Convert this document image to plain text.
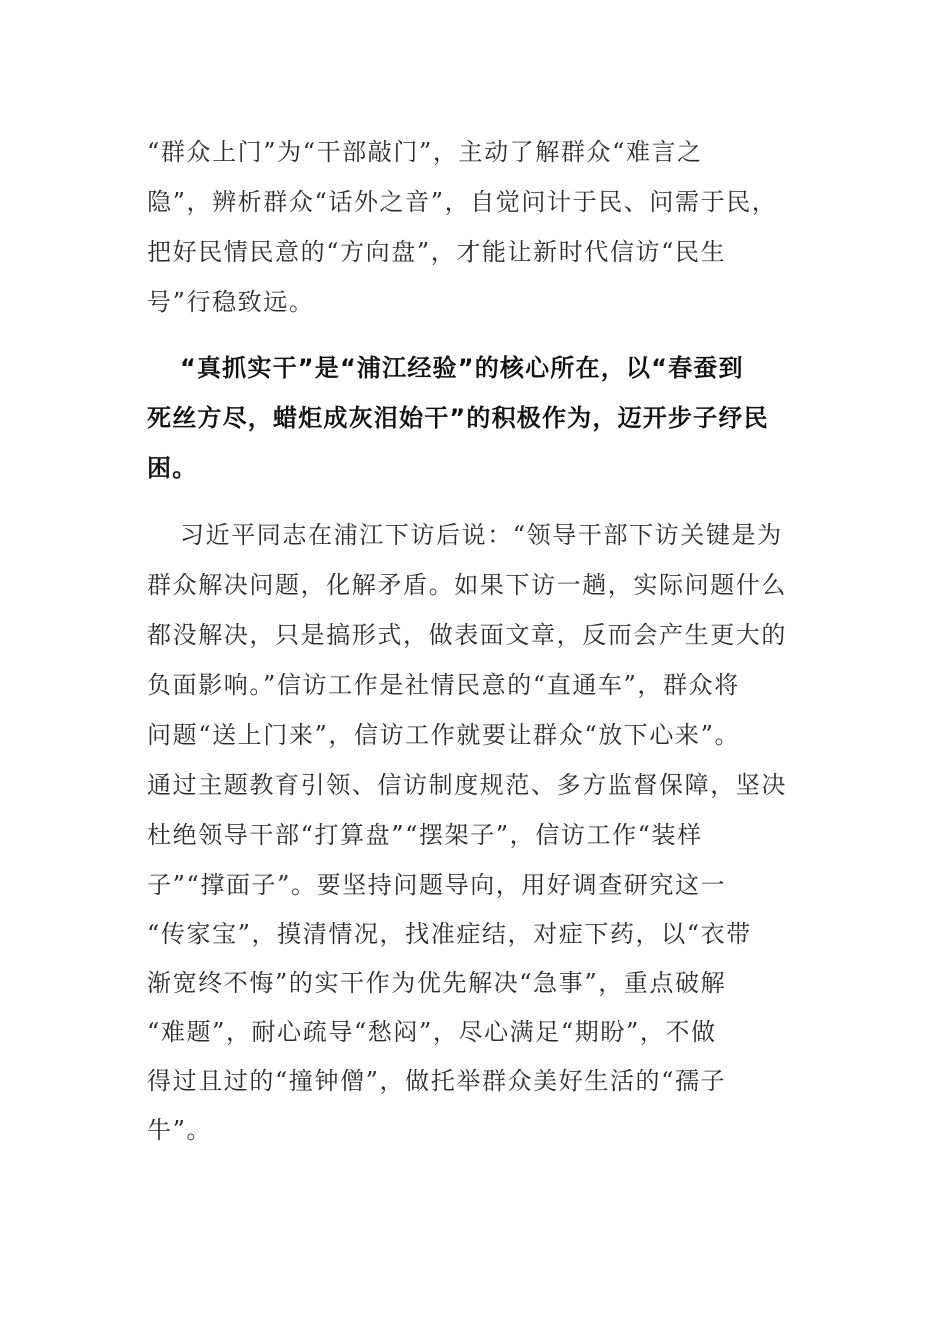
“群众上门”为“干部敲门”，主动了解群众“难言之
隐”，辨析群众“话外之音”，自觉问计于民、问需于民，
把好民情民意的“方向盘”，才能让新时代信访“民生
号”行稳致远。
“真抓实干”是“浦江经验”的核心所在，以“春蚕到
死丝方尽，蜡炬成灰泪始干”的积极作为，迈开步子纾民
困。
习近平同志在浦江下访后说：“领导干部下访关键是为
群众解决问题，化解矛盾。如果下访一趟，实际问题什么
都没解决，只是搞形式，做表面文章，反而会产生更大的
负面影响。”信访工作是社情民意的“直通车”，群众将
问题“送上门来”，信访工作就要让群众“放下心来”。
通过主题教育引领、信访制度规范、多方监督保障，坚决
杜绝领导干部“打算盘”“摆架子”，信访工作“装样
子”“撑面子”。要坚持问题导向，用好调查研究这一
“传家宝”，摸清情况，找准症结，对症下药，以“衣带
渐宽终不悔”的实干作为优先解决“急事”，重点破解
“难题”，耐心疏导“愁闷”，尽心满足“期盼”，不做
得过且过的“撞钟僧”，做托举群众美好生活的“孺子
牛”。
